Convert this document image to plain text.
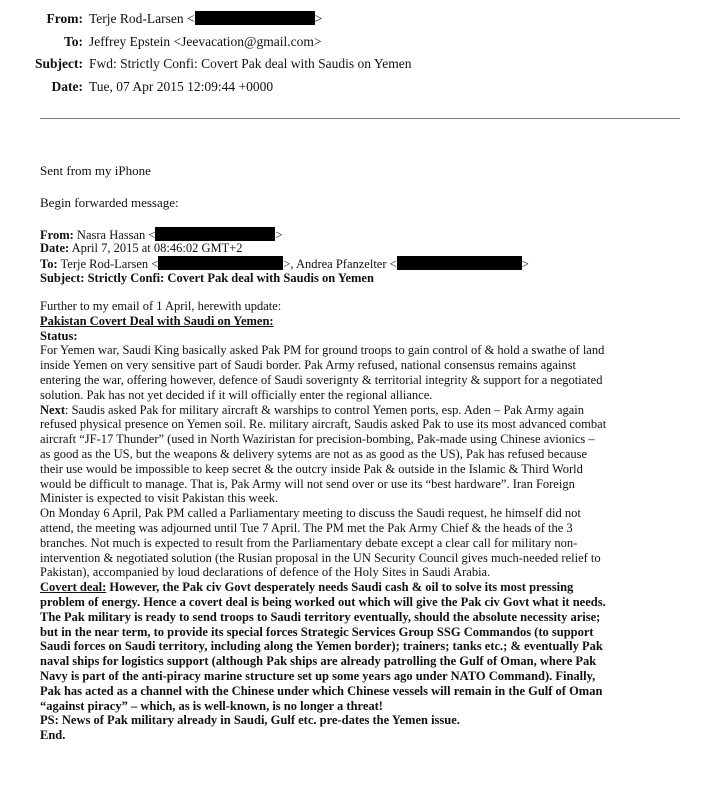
From: Terje Rod-Larsen <	>
To: Jeffrey Epstein <Jeevacation@gmail.com>
Subject: Fwd: Strictly Confi: Covert Pak deal with Saudis on Yemen
Date: Tue, 07 Apr 2015 12:09:44 +0000
Sent from my iPhone
Begin forwarded message:
From: Nasra Hassan <	>
Date: April 7, 2015 at 08:46:02 GMT+2
To: Terje Rod-Larsen <	>, Andrea Pfanzelter <	>
Subject: Strictly Confi: Covert Pak deal with Saudis on Yemen
Further to my email of 1 April, herewith update:
Pakistan Covert Deal with Saudi on Yemen:
Status:
For Yemen war, Saudi King basically asked Pak PM for ground troops to gain control of & hold a swathe of land
inside Yemen on very sensitive part of Saudi border. Pak Army refused, national consensus remains against
entering the war, offering however, defence of Saudi soverignty & territorial integrity & support for a negotiated
solution. Pak has not yet decided if it will officially enter the regional alliance.
Next: Saudis asked Pak for military aircraft & warships to control Yemen ports, esp. Aden – Pak Army again
refused physical presence on Yemen soil. Re. military aircraft, Saudis asked Pak to use its most advanced combat
aircraft “JF-17 Thunder” (used in North Waziristan for precision-bombing, Pak-made using Chinese avionics –
as good as the US, but the weapons & delivery sytems are not as as good as the US), Pak has refused because
their use would be impossible to keep secret & the outcry inside Pak & outside in the Islamic & Third World
would be difficult to manage. That is, Pak Army will not send over or use its “best hardware”. Iran Foreign
Minister is expected to visit Pakistan this week.
On Monday 6 April, Pak PM called a Parliamentary meeting to discuss the Saudi request, he himself did not
attend, the meeting was adjourned until Tue 7 April. The PM met the Pak Army Chief & the heads of the 3
branches. Not much is expected to result from the Parliamentary debate except a clear call for military non-
intervention & negotiated solution (the Rusian proposal in the UN Security Council gives much-needed relief to
Pakistan), accompanied by loud declarations of defence of the Holy Sites in Saudi Arabia.
Covert deal: However, the Pak civ Govt desperately needs Saudi cash & oil to solve its most pressing
problem of energy. Hence a covert deal is being worked out which will give the Pak civ Govt what it needs.
The Pak military is ready to send troops to Saudi territory eventually, should the absolute necessity arise;
but in the near term, to provide its special forces Strategic Services Group SSG Commandos (to support
Saudi forces on Saudi territory, including along the Yemen border); trainers; tanks etc.; & eventually Pak
naval ships for logistics support (although Pak ships are already patrolling the Gulf of Oman, where Pak
Navy is part of the anti-piracy marine structure set up some years ago under NATO Command). Finally,
Pak has acted as a channel with the Chinese under which Chinese vessels will remain in the Gulf of Oman
“against piracy” – which, as is well-known, is no longer a threat!
PS: News of Pak military already in Saudi, Gulf etc. pre-dates the Yemen issue.
End.
